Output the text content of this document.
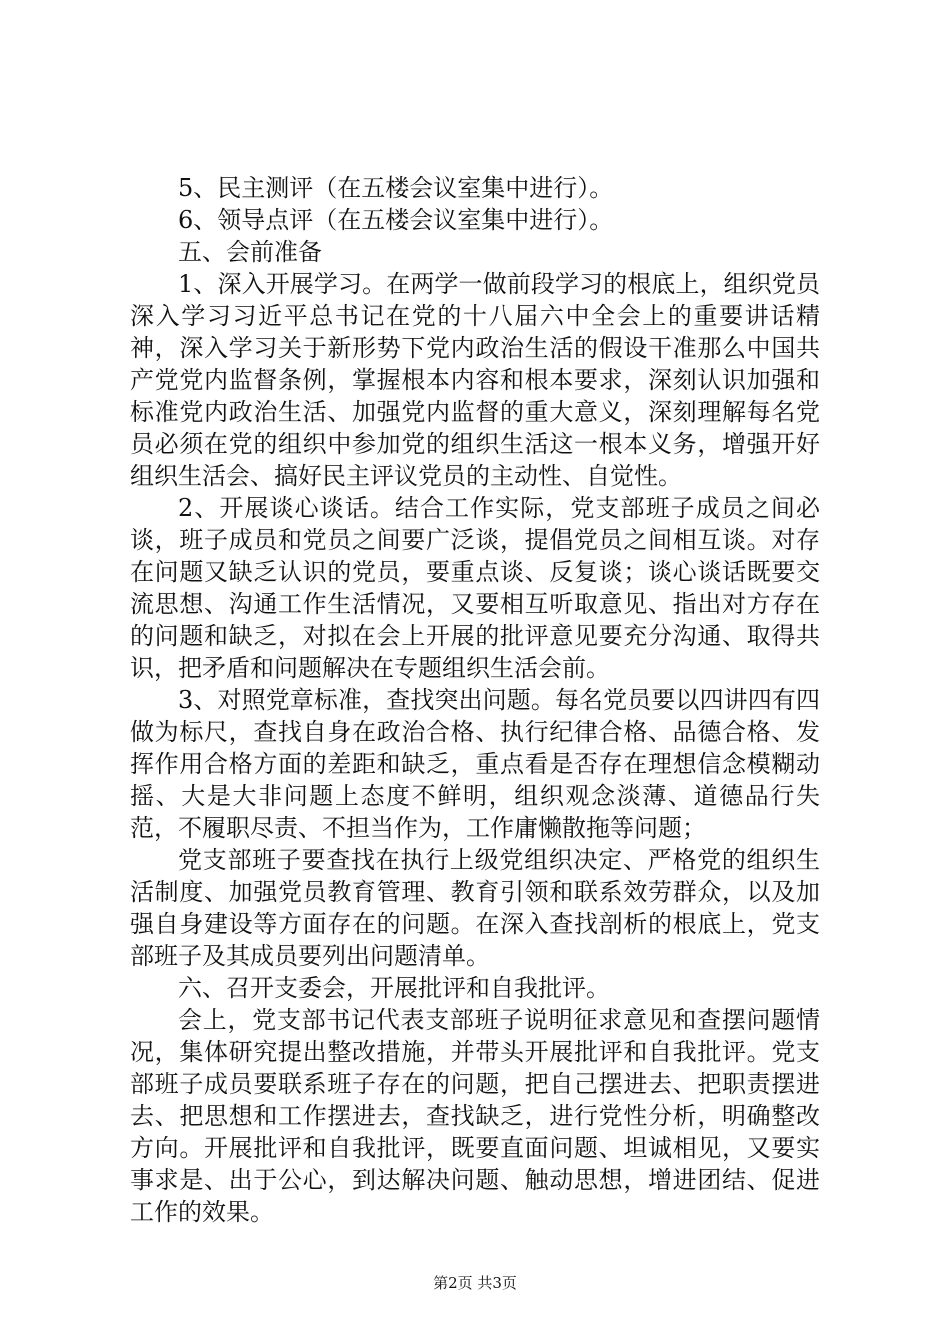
5、民主测评（在五楼会议室集中进行）。

6、领导点评（在五楼会议室集中进行）。

五、会前准备

1、深入开展学习。在两学一做前段学习的根底上，组织党员深入学习习近平总书记在党的十八届六中全会上的重要讲话精神，深入学习关于新形势下党内政治生活的假设干准那么中国共产党党内监督条例，掌握根本内容和根本要求，深刻认识加强和标准党内政治生活、加强党内监督的重大意义，深刻理解每名党员必须在党的组织中参加党的组织生活这一根本义务，增强开好组织生活会、搞好民主评议党员的主动性、自觉性。

2、开展谈心谈话。结合工作实际，党支部班子成员之间必谈，班子成员和党员之间要广泛谈，提倡党员之间相互谈。对存在问题又缺乏认识的党员，要重点谈、反复谈；谈心谈话既要交流思想、沟通工作生活情况，又要相互听取意见、指出对方存在的问题和缺乏，对拟在会上开展的批评意见要充分沟通、取得共识，把矛盾和问题解决在专题组织生活会前。

3、对照党章标准，查找突出问题。每名党员要以四讲四有四做为标尺，查找自身在政治合格、执行纪律合格、品德合格、发挥作用合格方面的差距和缺乏，重点看是否存在理想信念模糊动摇、大是大非问题上态度不鲜明，组织观念淡薄、道德品行失范，不履职尽责、不担当作为，工作庸懒散拖等问题；

党支部班子要查找在执行上级党组织决定、严格党的组织生活制度、加强党员教育管理、教育引领和联系效劳群众，以及加强自身建设等方面存在的问题。在深入查找剖析的根底上，党支部班子及其成员要列出问题清单。

六、召开支委会，开展批评和自我批评。

会上，党支部书记代表支部班子说明征求意见和查摆问题情况，集体研究提出整改措施，并带头开展批评和自我批评。党支部班子成员要联系班子存在的问题，把自己摆进去、把职责摆进去、把思想和工作摆进去，查找缺乏，进行党性分析，明确整改方向。开展批评和自我批评，既要直面问题、坦诚相见，又要实事求是、出于公心，到达解决问题、触动思想，增进团结、促进工作的效果。

第2页 共3页
